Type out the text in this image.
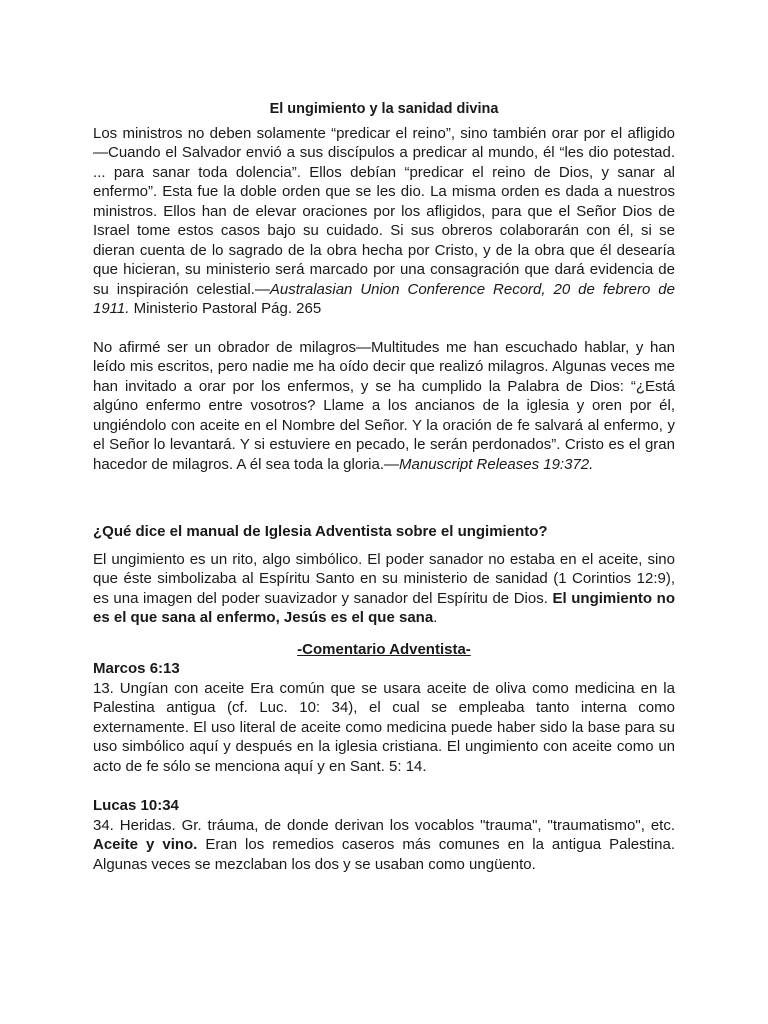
El ungimiento y la sanidad divina

Los ministros no deben solamente “predicar el reino”, sino también orar por el afligido—Cuando el Salvador envió a sus discípulos a predicar al mundo, él “les dio potestad. ... para sanar toda dolencia”. Ellos debían “predicar el reino de Dios, y sanar al enfermo”. Esta fue la doble orden que se les dio. La misma orden es dada a nuestros ministros. Ellos han de elevar oraciones por los afligidos, para que el Señor Dios de Israel tome estos casos bajo su cuidado. Si sus obreros colaborarán con él, si se dieran cuenta de lo sagrado de la obra hecha por Cristo, y de la obra que él desearía que hicieran, su ministerio será marcado por una consagración que dará evidencia de su inspiración celestial.—Australasian Union Conference Record, 20 de febrero de 1911. Ministerio Pastoral Pág. 265

No afirmé ser un obrador de milagros—Multitudes me han escuchado hablar, y han leído mis escritos, pero nadie me ha oído decir que realizó milagros. Algunas veces me han invitado a orar por los enfermos, y se ha cumplido la Palabra de Dios: “¿Está algúno enfermo entre vosotros? Llame a los ancianos de la iglesia y oren por él, ungiéndolo con aceite en el Nombre del Señor. Y la oración de fe salvará al enfermo, y el Señor lo levantará. Y si estuviere en pecado, le serán perdonados”. Cristo es el gran hacedor de milagros. A él sea toda la gloria.—Manuscript Releases 19:372.

¿Qué dice el manual de Iglesia Adventista sobre el ungimiento?

El ungimiento es un rito, algo simbólico. El poder sanador no estaba en el aceite, sino que éste simbolizaba al Espíritu Santo en su ministerio de sanidad (1 Corintios 12:9), es una imagen del poder suavizador y sanador del Espíritu de Dios. El ungimiento no es el que sana al enfermo, Jesús es el que sana.

-Comentario Adventista-

Marcos 6:13

13. Ungían con aceite Era común que se usara aceite de oliva como medicina en la Palestina antigua (cf. Luc. 10: 34), el cual se empleaba tanto interna como externamente. El uso literal de aceite como medicina puede haber sido la base para su uso simbólico aquí y después en la iglesia cristiana. El ungimiento con aceite como un acto de fe sólo se menciona aquí y en Sant. 5: 14.

Lucas 10:34

34. Heridas. Gr. tráuma, de donde derivan los vocablos "trauma", "traumatismo", etc. Aceite y vino. Eran los remedios caseros más comunes en la antigua Palestina. Algunas veces se mezclaban los dos y se usaban como ungüento.
